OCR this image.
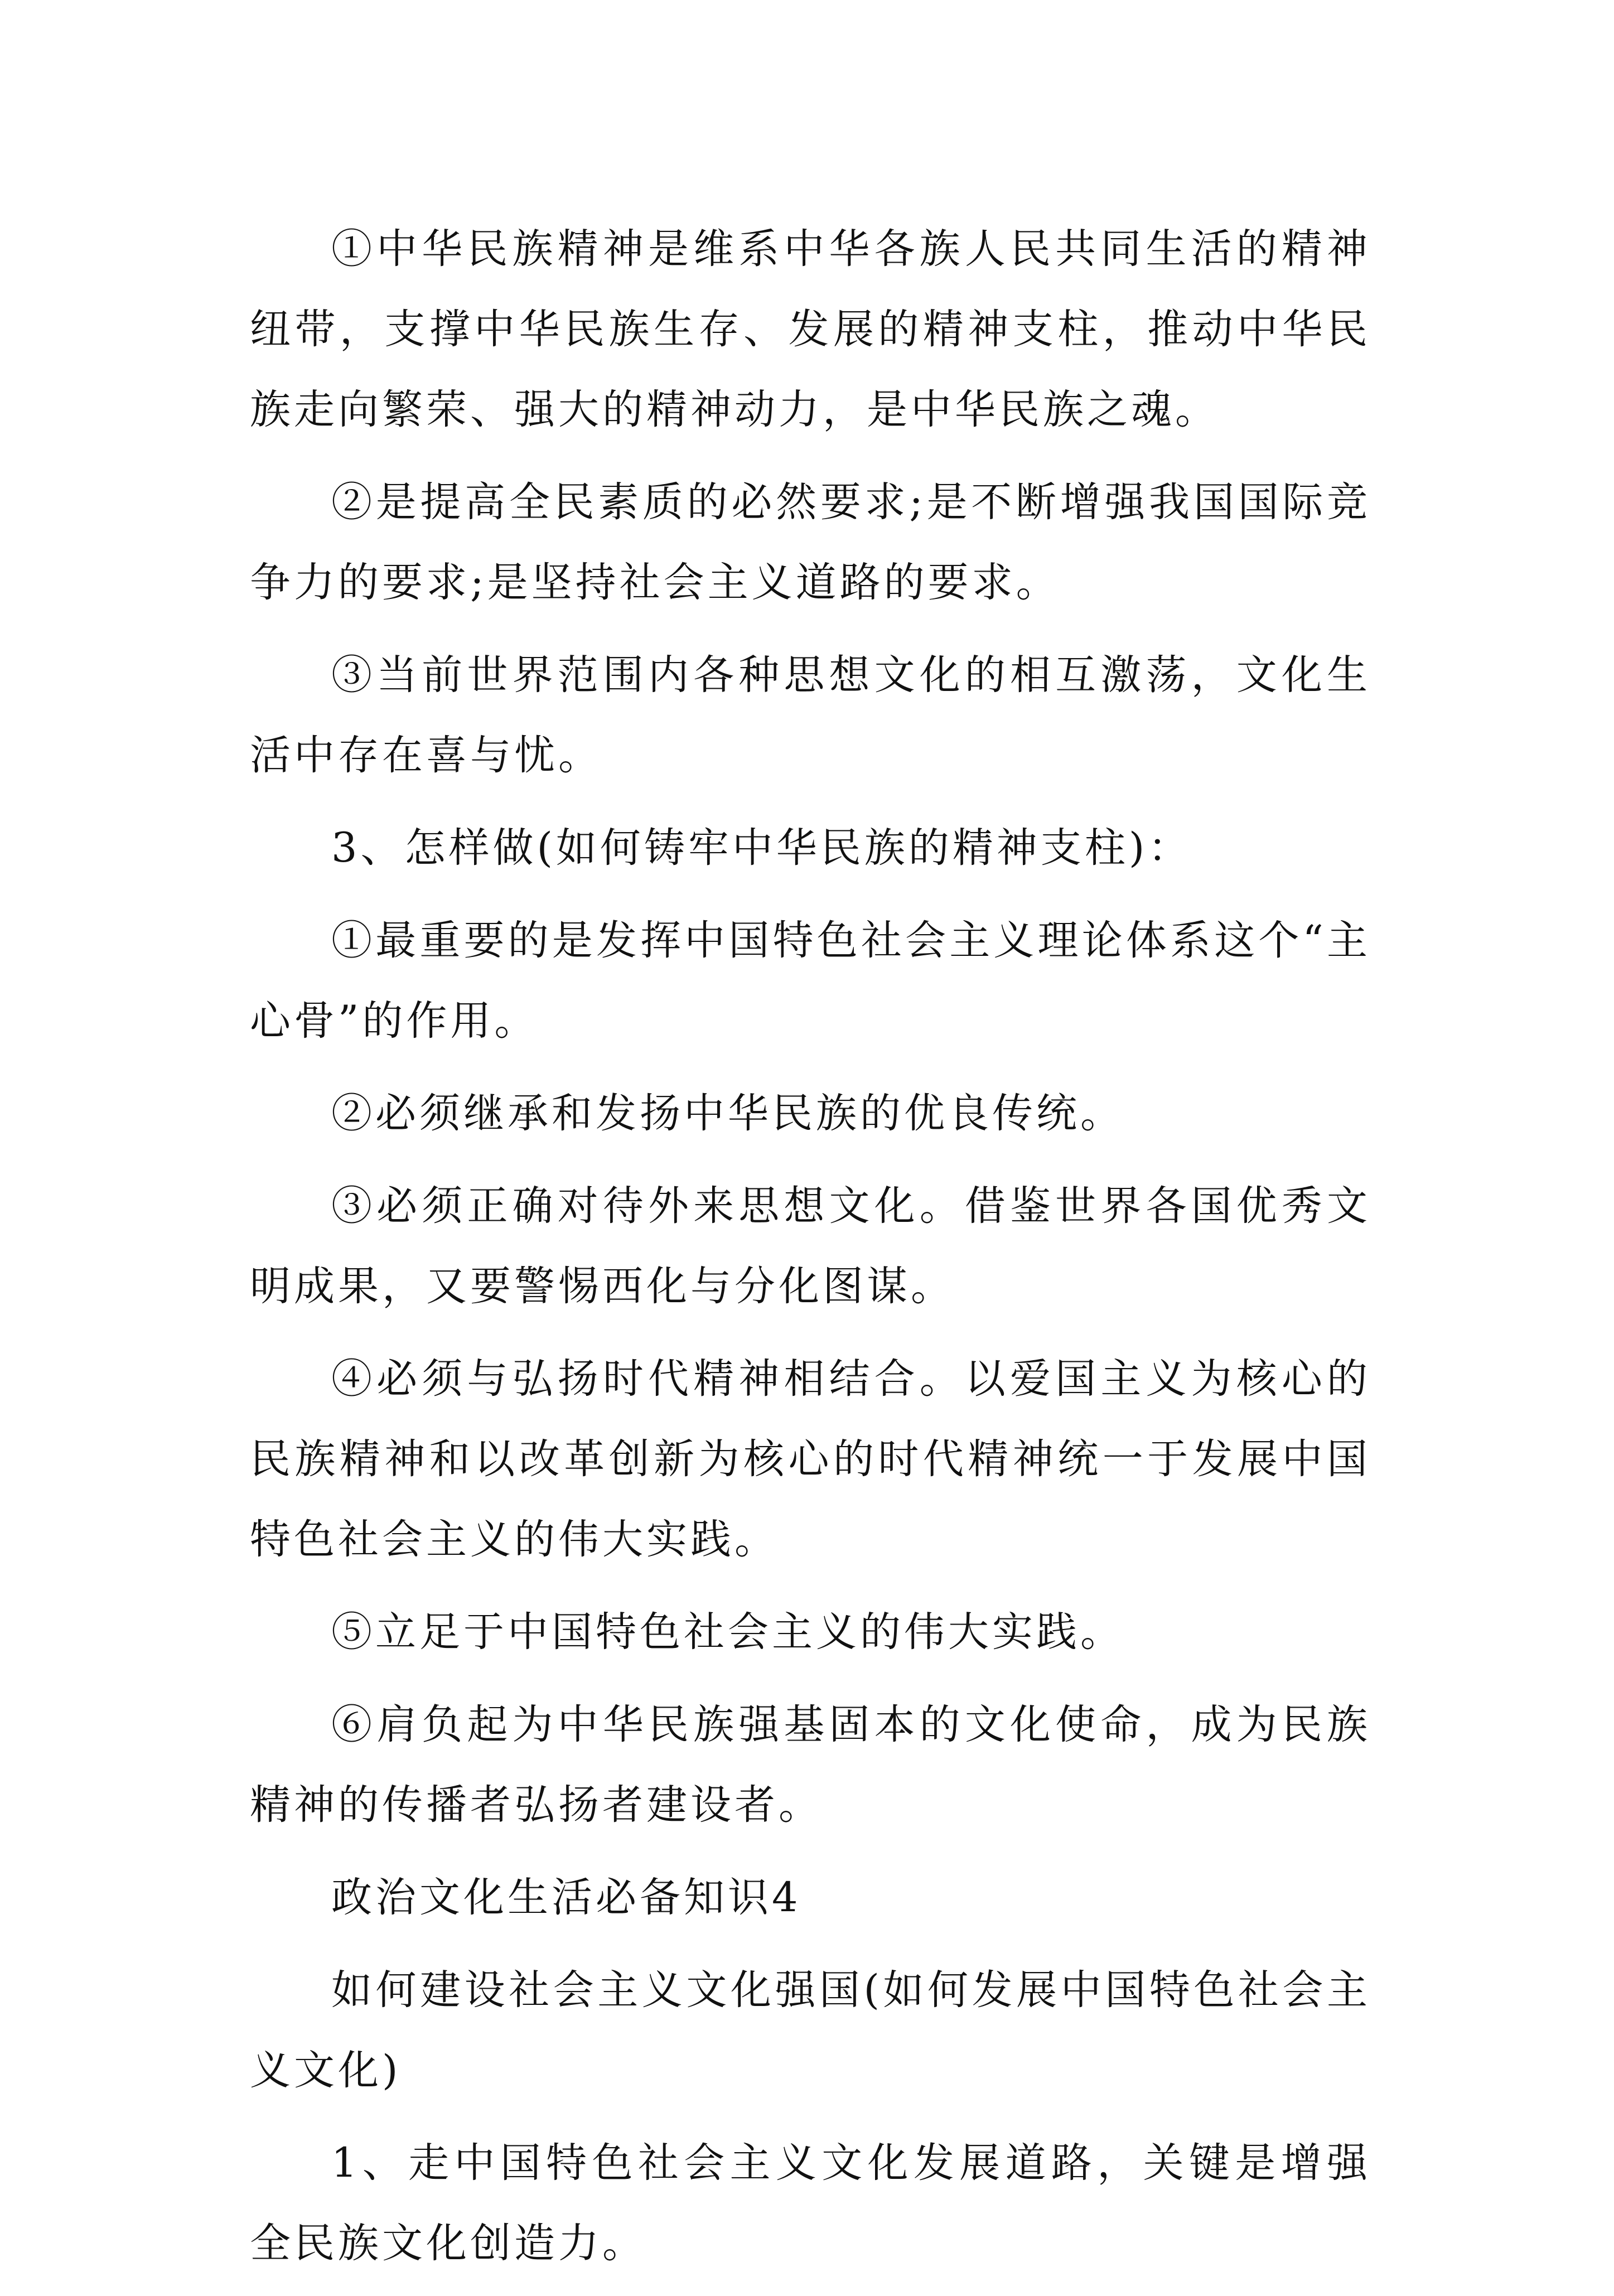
①中华民族精神是维系中华各族人民共同生活的精神纽带，支撑中华民族生存、发展的精神支柱，推动中华民族走向繁荣、强大的精神动力，是中华民族之魂。

②是提高全民素质的必然要求;是不断增强我国国际竞争力的要求;是坚持社会主义道路的要求。

③当前世界范围内各种思想文化的相互激荡，文化生活中存在喜与忧。

3、怎样做(如何铸牢中华民族的精神支柱)：

①最重要的是发挥中国特色社会主义理论体系这个“主心骨”的作用。

②必须继承和发扬中华民族的优良传统。

③必须正确对待外来思想文化。借鉴世界各国优秀文明成果，又要警惕西化与分化图谋。

④必须与弘扬时代精神相结合。以爱国主义为核心的民族精神和以改革创新为核心的时代精神统一于发展中国特色社会主义的伟大实践。

⑤立足于中国特色社会主义的伟大实践。

⑥肩负起为中华民族强基固本的文化使命，成为民族精神的传播者弘扬者建设者。

政治文化生活必备知识4

如何建设社会主义文化强国(如何发展中国特色社会主义文化)

1、走中国特色社会主义文化发展道路，关键是增强全民族文化创造力。
